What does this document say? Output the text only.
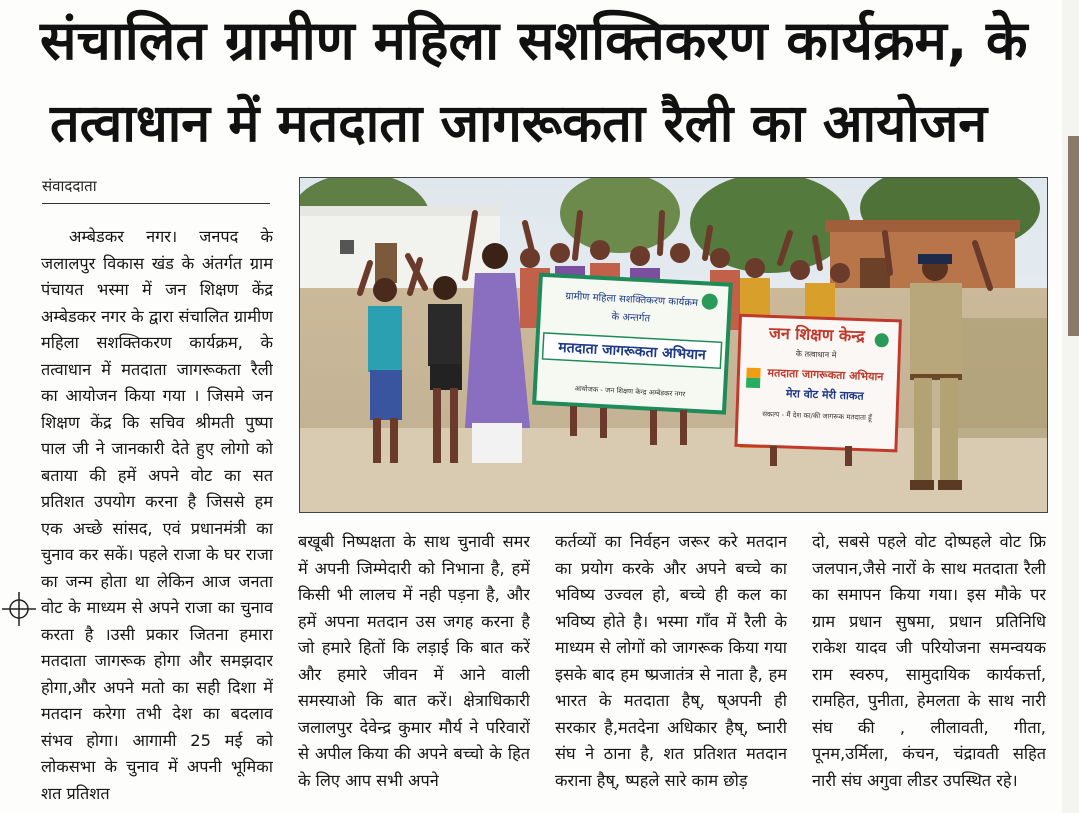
संचालित ग्रामीण महिला सशक्तिकरण कार्यक्रम, के
तत्वाधान में मतदाता जागरूकता रैली का आयोजन
संवाददाता

अम्बेडकर नगर। जनपद के जलालपुर विकास खंड के अंतर्गत ग्राम पंचायत भस्मा में जन शिक्षण केंद्र अम्बेडकर नगर के द्वारा संचालित ग्रामीण महिला सशक्तिकरण कार्यक्रम, के तत्वाधान में मतदाता जागरूकता रैली का आयोजन किया गया । जिसमे जन शिक्षण केंद्र कि सचिव श्रीमती पुष्पा पाल जी ने जानकारी देते हुए लोगो को बताया की हमें अपने वोट का सत प्रतिशत उपयोग करना है जिससे हम एक अच्छे सांसद, एवं प्रधानमंत्री का चुनाव कर सकें। पहले राजा के घर राजा का जन्म होता था लेकिन आज जनता वोट के माध्यम से अपने राजा का चुनाव करता है ।उसी प्रकार जितना हमारा मतदाता जागरूक होगा और समझदार होगा,और अपने मतो का सही दिशा में मतदान करेगा तभी देश का बदलाव संभव होगा। आगामी 25 मई को लोकसभा के चुनाव में अपनी भूमिका शत प्रतिशत

बखूबी निष्पक्षता के साथ चुनावी समर में अपनी जिम्मेदारी को निभाना है, हमें किसी भी लालच में नही पड़ना है, और हमें अपना मतदान उस जगह करना है जो हमारे हितों कि लड़ाई कि बात करें और हमारे जीवन में आने वाली समस्याओ कि बात करें। क्षेत्राधिकारी जलालपुर देवेन्द्र कुमार मौर्य ने परिवारों से अपील किया की अपने बच्चो के हित के लिए आप सभी अपने

कर्तव्यों का निर्वहन जरूर करे मतदान का प्रयोग करके और अपने बच्चे का भविष्य उज्वल हो, बच्चे ही कल का भविष्य होते है। भस्मा गाँव में रैली के माध्यम से लोगों को जागरूक किया गया इसके बाद हम ष्प्रजातंत्र से नाता है, हम भारत के मतदाता हैष्, ष्अपनी ही सरकार है,मतदेना अधिकार हैष्, ष्नारी संघ ने ठाना है, शत प्रतिशत मतदान कराना हैष्, ष्पहले सारे काम छोड़

दो, सबसे पहले वोट दोष्पहले वोट फ्रि जलपान,जैसे नारों के साथ मतदाता रैली का समापन किया गया। इस मौके पर ग्राम प्रधान सुषमा, प्रधान प्रतिनिधि राकेश यादव जी परियोजना समन्वयक राम स्वरुप, सामुदायिक कार्यकर्त्ता, रामहित, पुनीता, हेमलता के साथ नारी संघ की , लीलावती, गीता, पूनम,उर्मिला, कंचन, चंद्रावती सहित नारी संघ अगुवा लीडर उपस्थित रहे।

ग्रामीण महिला सशक्तिकरण कार्यक्रम
के अन्तर्गत
मतदाता जागरूकता अभियान
आयोजक - जन शिक्षण केन्द्र अम्बेडकर नगर
जन शिक्षण केन्द्र
के तत्वाधान मे
मतदाता जागरूकता अभियान
मेरा वोट मेरी ताकत
संकल्प - मैं देश का/की जागरूक मतदाता हूँ
